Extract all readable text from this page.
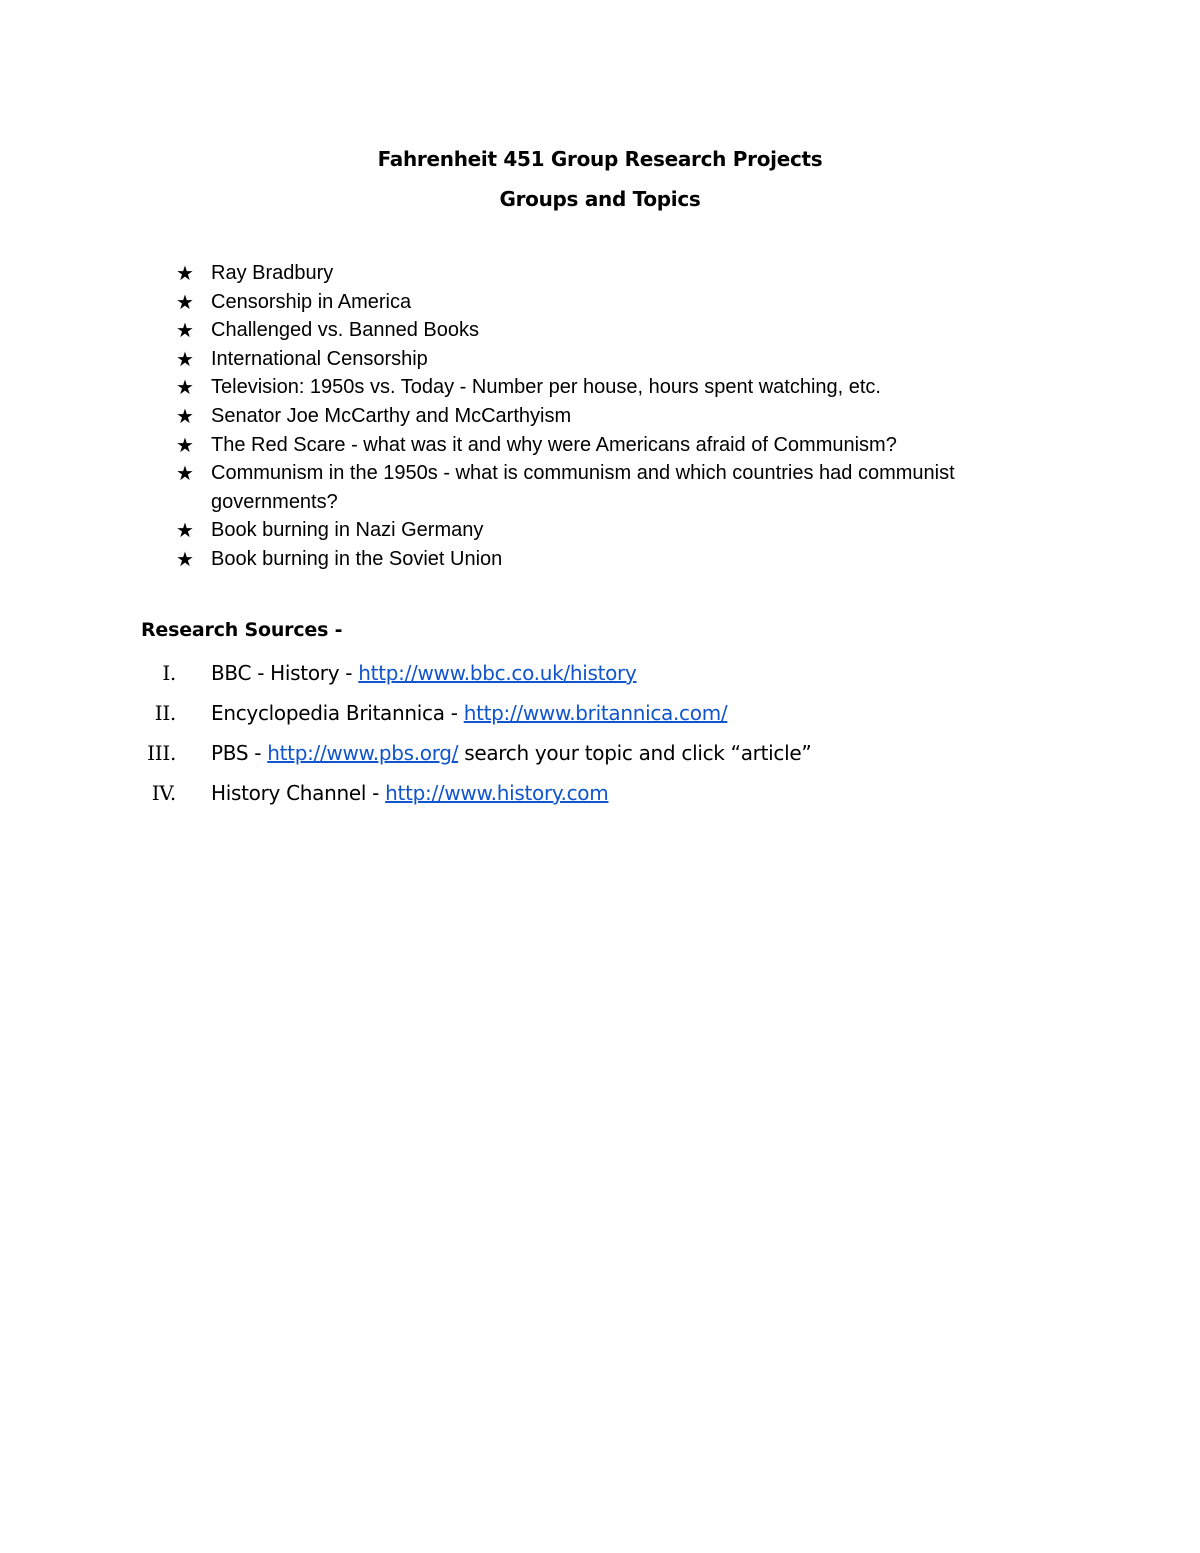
Fahrenheit 451 Group Research Projects
Groups and Topics
★ Ray Bradbury
★ Censorship in America
★ Challenged vs. Banned Books
★ International Censorship
★ Television: 1950s vs. Today - Number per house, hours spent watching, etc.
★ Senator Joe McCarthy and McCarthyism
★ The Red Scare - what was it and why were Americans afraid of Communism?
★ Communism in the 1950s - what is communism and which countries had communist governments?
★ Book burning in Nazi Germany
★ Book burning in the Soviet Union
Research Sources -
I. BBC - History - http://www.bbc.co.uk/history
II. Encyclopedia Britannica - http://www.britannica.com/
III. PBS - http://www.pbs.org/ search your topic and click “article”
IV. History Channel - http://www.history.com
